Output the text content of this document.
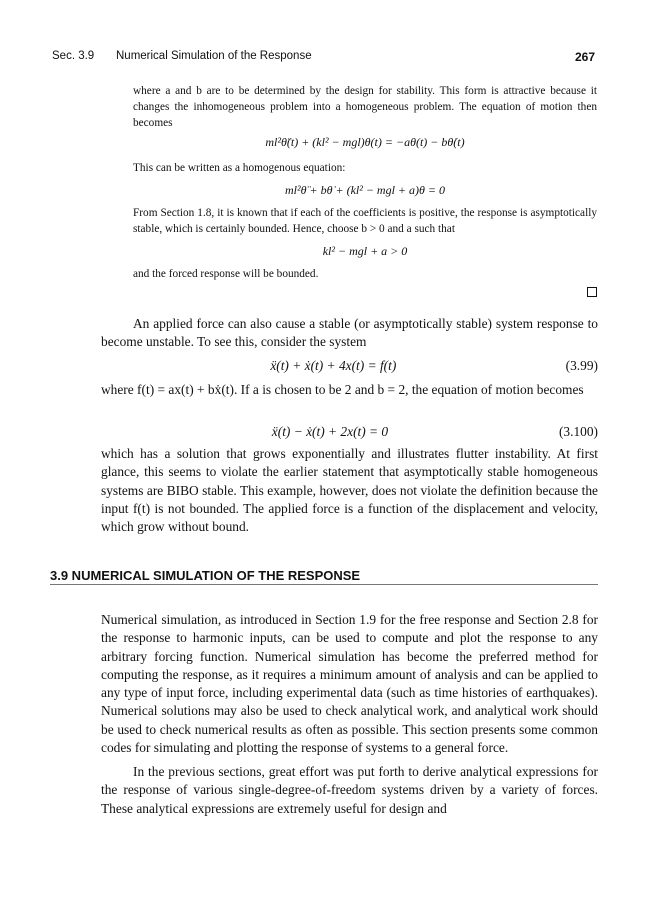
Sec. 3.9 Numerical Simulation of the Response	267

where a and b are to be determined by the design for stability. This form is attractive because it changes the inhomogeneous problem into a homogeneous problem. The equation of motion then becomes

ml²θ̈(t) + (kl² − mgl)θ(t) = −aθ(t) − bθ̇(t)

This can be written as a homogenous equation:

ml²θ̈ + bθ̇ + (kl² − mgl + a)θ = 0

From Section 1.8, it is known that if each of the coefficients is positive, the response is asymptotically stable, which is certainly bounded. Hence, choose b > 0 and a such that

kl² − mgl + a > 0

and the forced response will be bounded.

An applied force can also cause a stable (or asymptotically stable) system response to become unstable. To see this, consider the system

ẍ(t) + ẋ(t) + 4x(t) = f(t)	(3.99)

where f(t) = ax(t) + bẋ(t). If a is chosen to be 2 and b = 2, the equation of motion becomes

ẍ(t) − ẋ(t) + 2x(t) = 0	(3.100)

which has a solution that grows exponentially and illustrates flutter instability. At first glance, this seems to violate the earlier statement that asymptotically stable homogeneous systems are BIBO stable. This example, however, does not violate the definition because the input f(t) is not bounded. The applied force is a function of the displacement and velocity, which grow without bound.

3.9 NUMERICAL SIMULATION OF THE RESPONSE

Numerical simulation, as introduced in Section 1.9 for the free response and Section 2.8 for the response to harmonic inputs, can be used to compute and plot the response to any arbitrary forcing function. Numerical simulation has become the preferred method for computing the response, as it requires a minimum amount of analysis and can be applied to any type of input force, including experimental data (such as time histories of earthquakes). Numerical solutions may also be used to check analytical work, and analytical work should be used to check numerical results as often as possible. This section presents some common codes for simulating and plotting the response of systems to a general force.

In the previous sections, great effort was put forth to derive analytical expressions for the response of various single-degree-of-freedom systems driven by a variety of forces. These analytical expressions are extremely useful for design and
